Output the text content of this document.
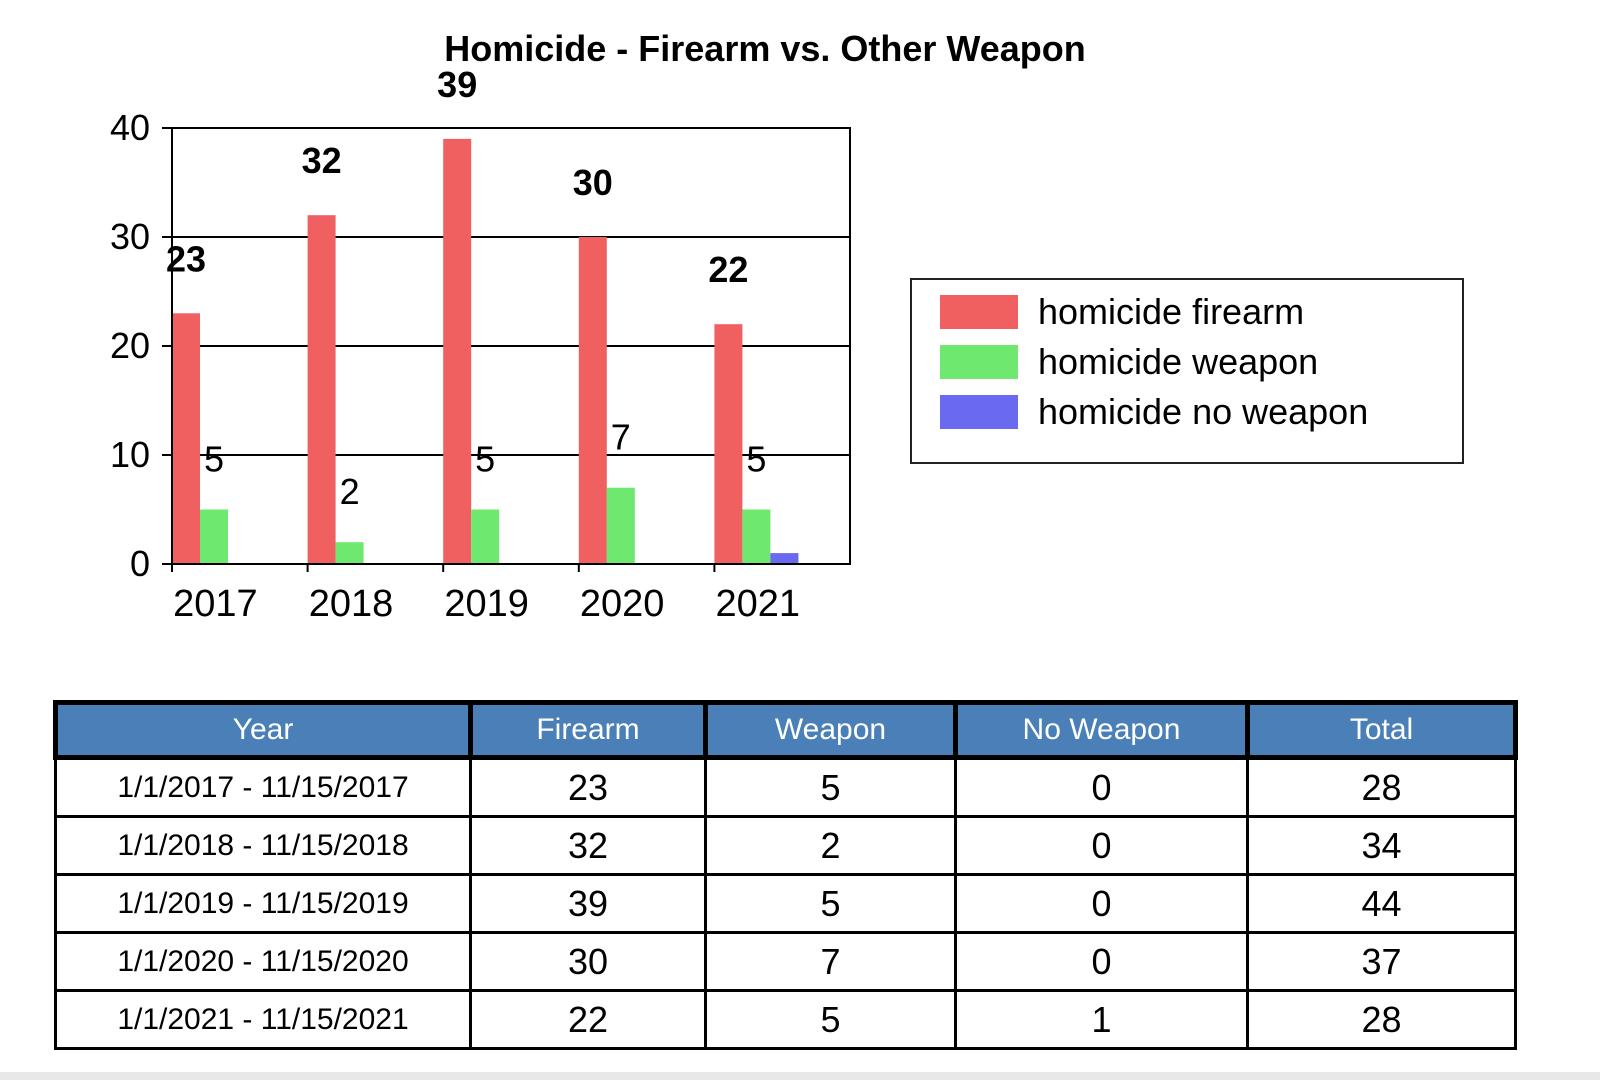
Homicide - Firearm vs. Other Weapon
0
10
20
30
40
23
32
39
30
22
5
2
5
7
5
2017 2018 2019 2020 2021
homicide firearm
homicide weapon
homicide no weapon
Year	Firearm	Weapon	No Weapon	Total
1/1/2017 - 11/15/2017	23	5	0	28
1/1/2018 - 11/15/2018	32	2	0	34
1/1/2019 - 11/15/2019	39	5	0	44
1/1/2020 - 11/15/2020	30	7	0	37
1/1/2021 - 11/15/2021	22	5	1	28
